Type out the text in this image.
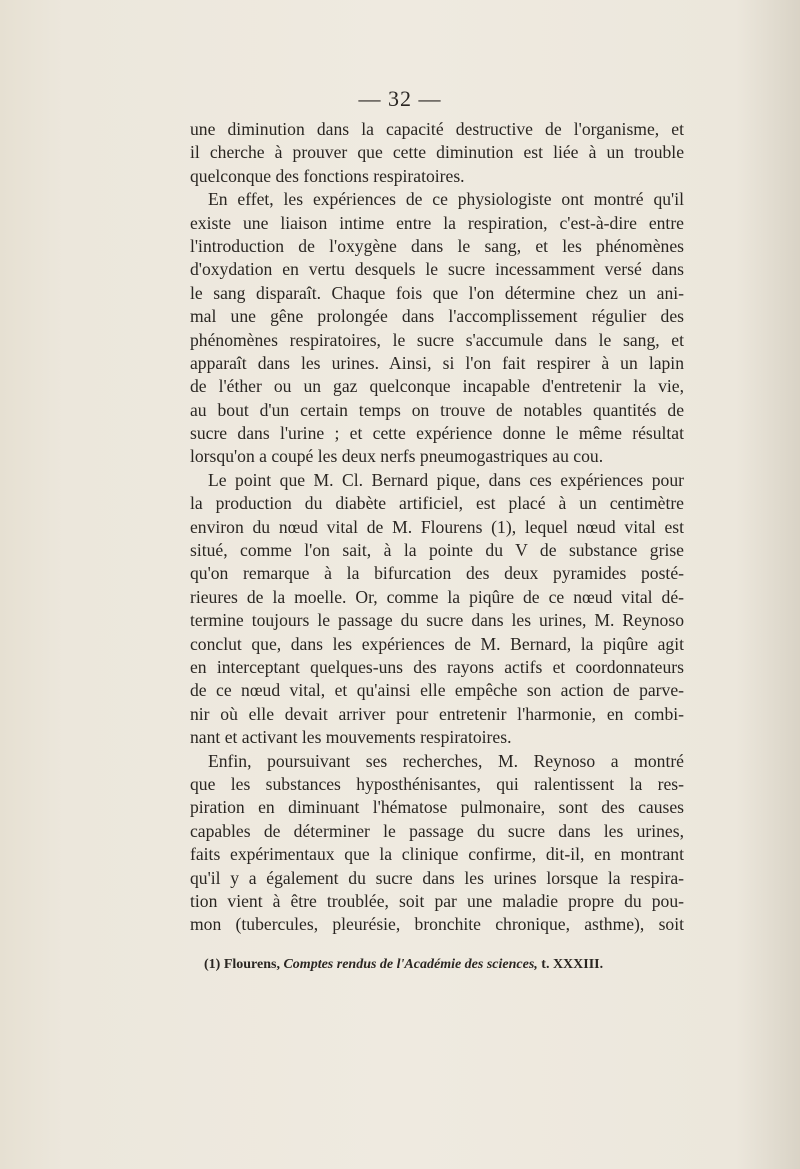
— 32 —
une diminution dans la capacité destructive de l'organisme, et
il cherche à prouver que cette diminution est liée à un trouble
quelconque des fonctions respiratoires.
En effet, les expériences de ce physiologiste ont montré qu'il
existe une liaison intime entre la respiration, c'est-à-dire entre
l'introduction de l'oxygène dans le sang, et les phénomènes
d'oxydation en vertu desquels le sucre incessamment versé dans
le sang disparaît. Chaque fois que l'on détermine chez un ani-
mal une gêne prolongée dans l'accomplissement régulier des
phénomènes respiratoires, le sucre s'accumule dans le sang, et
apparaît dans les urines. Ainsi, si l'on fait respirer à un lapin
de l'éther ou un gaz quelconque incapable d'entretenir la vie,
au bout d'un certain temps on trouve de notables quantités de
sucre dans l'urine ; et cette expérience donne le même résultat
lorsqu'on a coupé les deux nerfs pneumogastriques au cou.
Le point que M. Cl. Bernard pique, dans ces expériences pour
la production du diabète artificiel, est placé à un centimètre
environ du nœud vital de M. Flourens (1), lequel nœud vital est
situé, comme l'on sait, à la pointe du V de substance grise
qu'on remarque à la bifurcation des deux pyramides posté-
rieures de la moelle. Or, comme la piqûre de ce nœud vital dé-
termine toujours le passage du sucre dans les urines, M. Reynoso
conclut que, dans les expériences de M. Bernard, la piqûre agit
en interceptant quelques-uns des rayons actifs et coordonnateurs
de ce nœud vital, et qu'ainsi elle empêche son action de parve-
nir où elle devait arriver pour entretenir l'harmonie, en combi-
nant et activant les mouvements respiratoires.
Enfin, poursuivant ses recherches, M. Reynoso a montré
que les substances hyposthénisantes, qui ralentissent la res-
piration en diminuant l'hématose pulmonaire, sont des causes
capables de déterminer le passage du sucre dans les urines,
faits expérimentaux que la clinique confirme, dit-il, en montrant
qu'il y a également du sucre dans les urines lorsque la respira-
tion vient à être troublée, soit par une maladie propre du pou-
mon (tubercules, pleurésie, bronchite chronique, asthme), soit
(1) Flourens, Comptes rendus de l'Académie des sciences, t. XXXIII.
